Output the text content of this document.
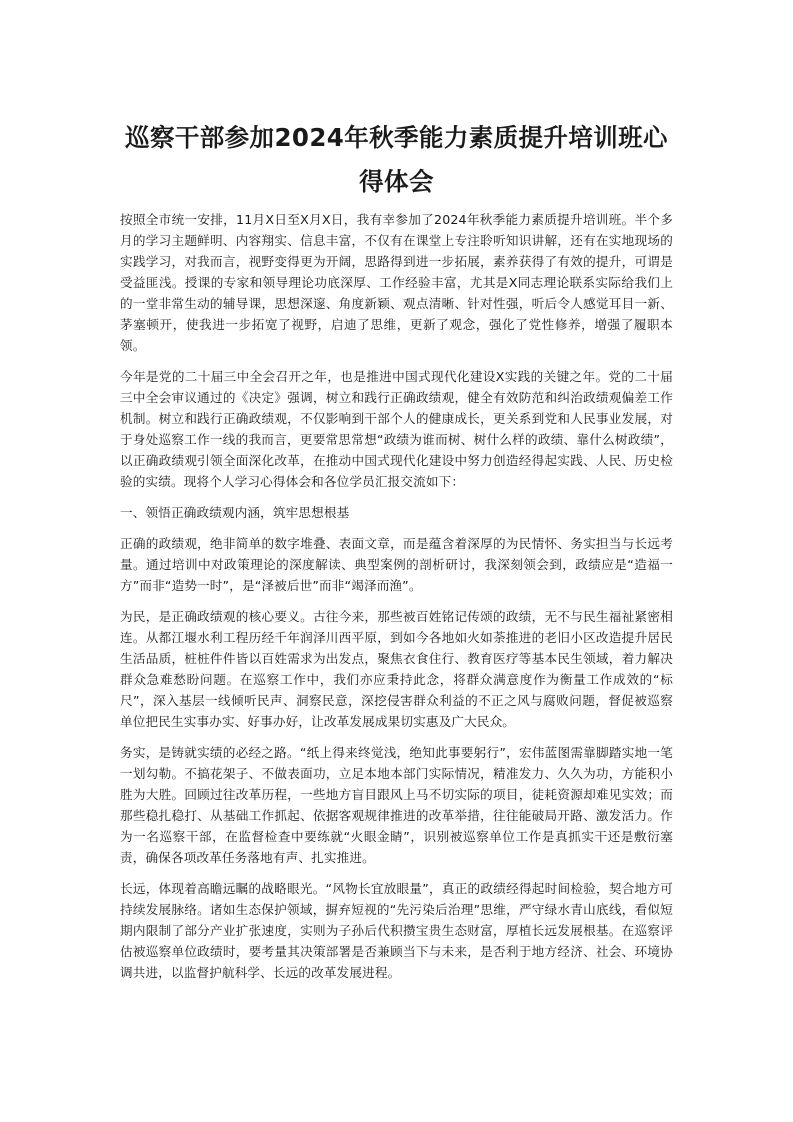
巡察干部参加2024年秋季能力素质提升培训班心得体会

按照全市统一安排，11月X日至X月X日，我有幸参加了2024年秋季能力素质提升培训班。半个多月的学习主题鲜明、内容翔实、信息丰富，不仅有在课堂上专注聆听知识讲解，还有在实地现场的实践学习，对我而言，视野变得更为开阔，思路得到进一步拓展，素养获得了有效的提升，可谓是受益匪浅。授课的专家和领导理论功底深厚、工作经验丰富，尤其是X同志理论联系实际给我们上的一堂非常生动的辅导课，思想深邃、角度新颖、观点清晰、针对性强，听后令人感觉耳目一新、茅塞顿开，使我进一步拓宽了视野，启迪了思维，更新了观念，强化了党性修养，增强了履职本领。

今年是党的二十届三中全会召开之年，也是推进中国式现代化建设X实践的关键之年。党的二十届三中全会审议通过的《决定》强调，树立和践行正确政绩观，健全有效防范和纠治政绩观偏差工作机制。树立和践行正确政绩观，不仅影响到干部个人的健康成长，更关系到党和人民事业发展，对于身处巡察工作一线的我而言，更要常思常想“政绩为谁而树、树什么样的政绩、靠什么树政绩”，以正确政绩观引领全面深化改革，在推动中国式现代化建设中努力创造经得起实践、人民、历史检验的实绩。现将个人学习心得体会和各位学员汇报交流如下：

一、领悟正确政绩观内涵，筑牢思想根基

正确的政绩观，绝非简单的数字堆叠、表面文章，而是蕴含着深厚的为民情怀、务实担当与长远考量。通过培训中对政策理论的深度解读、典型案例的剖析研讨，我深刻领会到，政绩应是“造福一方”而非“造势一时”，是“泽被后世”而非“竭泽而渔”。

为民，是正确政绩观的核心要义。古往今来，那些被百姓铭记传颂的政绩，无不与民生福祉紧密相连。从都江堰水利工程历经千年润泽川西平原，到如今各地如火如荼推进的老旧小区改造提升居民生活品质，桩桩件件皆以百姓需求为出发点，聚焦衣食住行、教育医疗等基本民生领域，着力解决群众急难愁盼问题。在巡察工作中，我们亦应秉持此念，将群众满意度作为衡量工作成效的“标尺”，深入基层一线倾听民声、洞察民意，深挖侵害群众利益的不正之风与腐败问题，督促被巡察单位把民生实事办实、好事办好，让改革发展成果切实惠及广大民众。

务实，是铸就实绩的必经之路。“纸上得来终觉浅，绝知此事要躬行”，宏伟蓝图需靠脚踏实地一笔一划勾勒。不搞花架子、不做表面功，立足本地本部门实际情况，精准发力、久久为功，方能积小胜为大胜。回顾过往改革历程，一些地方盲目跟风上马不切实际的项目，徒耗资源却难见实效；而那些稳扎稳打、从基础工作抓起、依据客观规律推进的改革举措，往往能破局开路、激发活力。作为一名巡察干部，在监督检查中要练就“火眼金睛”，识别被巡察单位工作是真抓实干还是敷衍塞责，确保各项改革任务落地有声、扎实推进。

长远，体现着高瞻远瞩的战略眼光。“风物长宜放眼量”，真正的政绩经得起时间检验，契合地方可持续发展脉络。诸如生态保护领域，摒弃短视的“先污染后治理”思维，严守绿水青山底线，看似短期内限制了部分产业扩张速度，实则为子孙后代积攒宝贵生态财富，厚植长远发展根基。在巡察评估被巡察单位政绩时，要考量其决策部署是否兼顾当下与未来，是否利于地方经济、社会、环境协调共进，以监督护航科学、长远的改革发展进程。
